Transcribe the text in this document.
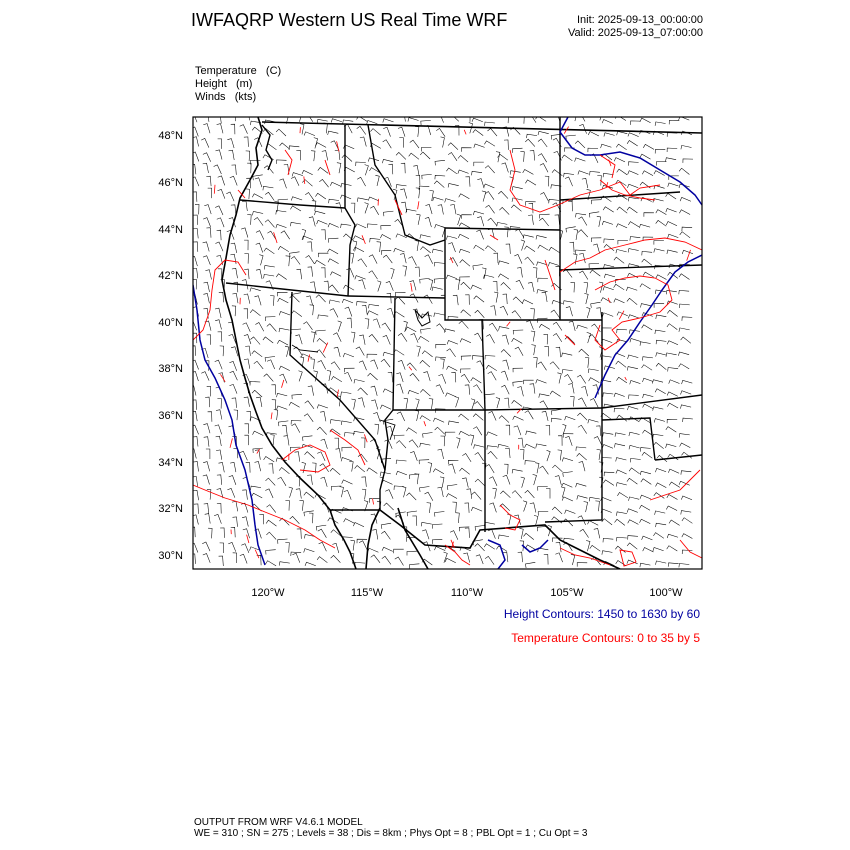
IWFAQRP Western US Real Time WRF	Init: 2025-09-13_00:00:00
Valid: 2025-09-13_07:00:00
Temperature   (C)
Height   (m)
Winds   (kts)
48°N
46°N
44°N
42°N
40°N
38°N
36°N
34°N
32°N
30°N
120°W	115°W	110°W	105°W	100°W
Height Contours: 1450 to 1630 by 60
Temperature Contours: 0 to 35 by 5
OUTPUT FROM WRF V4.6.1 MODEL
WE = 310 ; SN = 275 ; Levels = 38 ; Dis = 8km ; Phys Opt = 8 ; PBL Opt = 1 ; Cu Opt = 3
